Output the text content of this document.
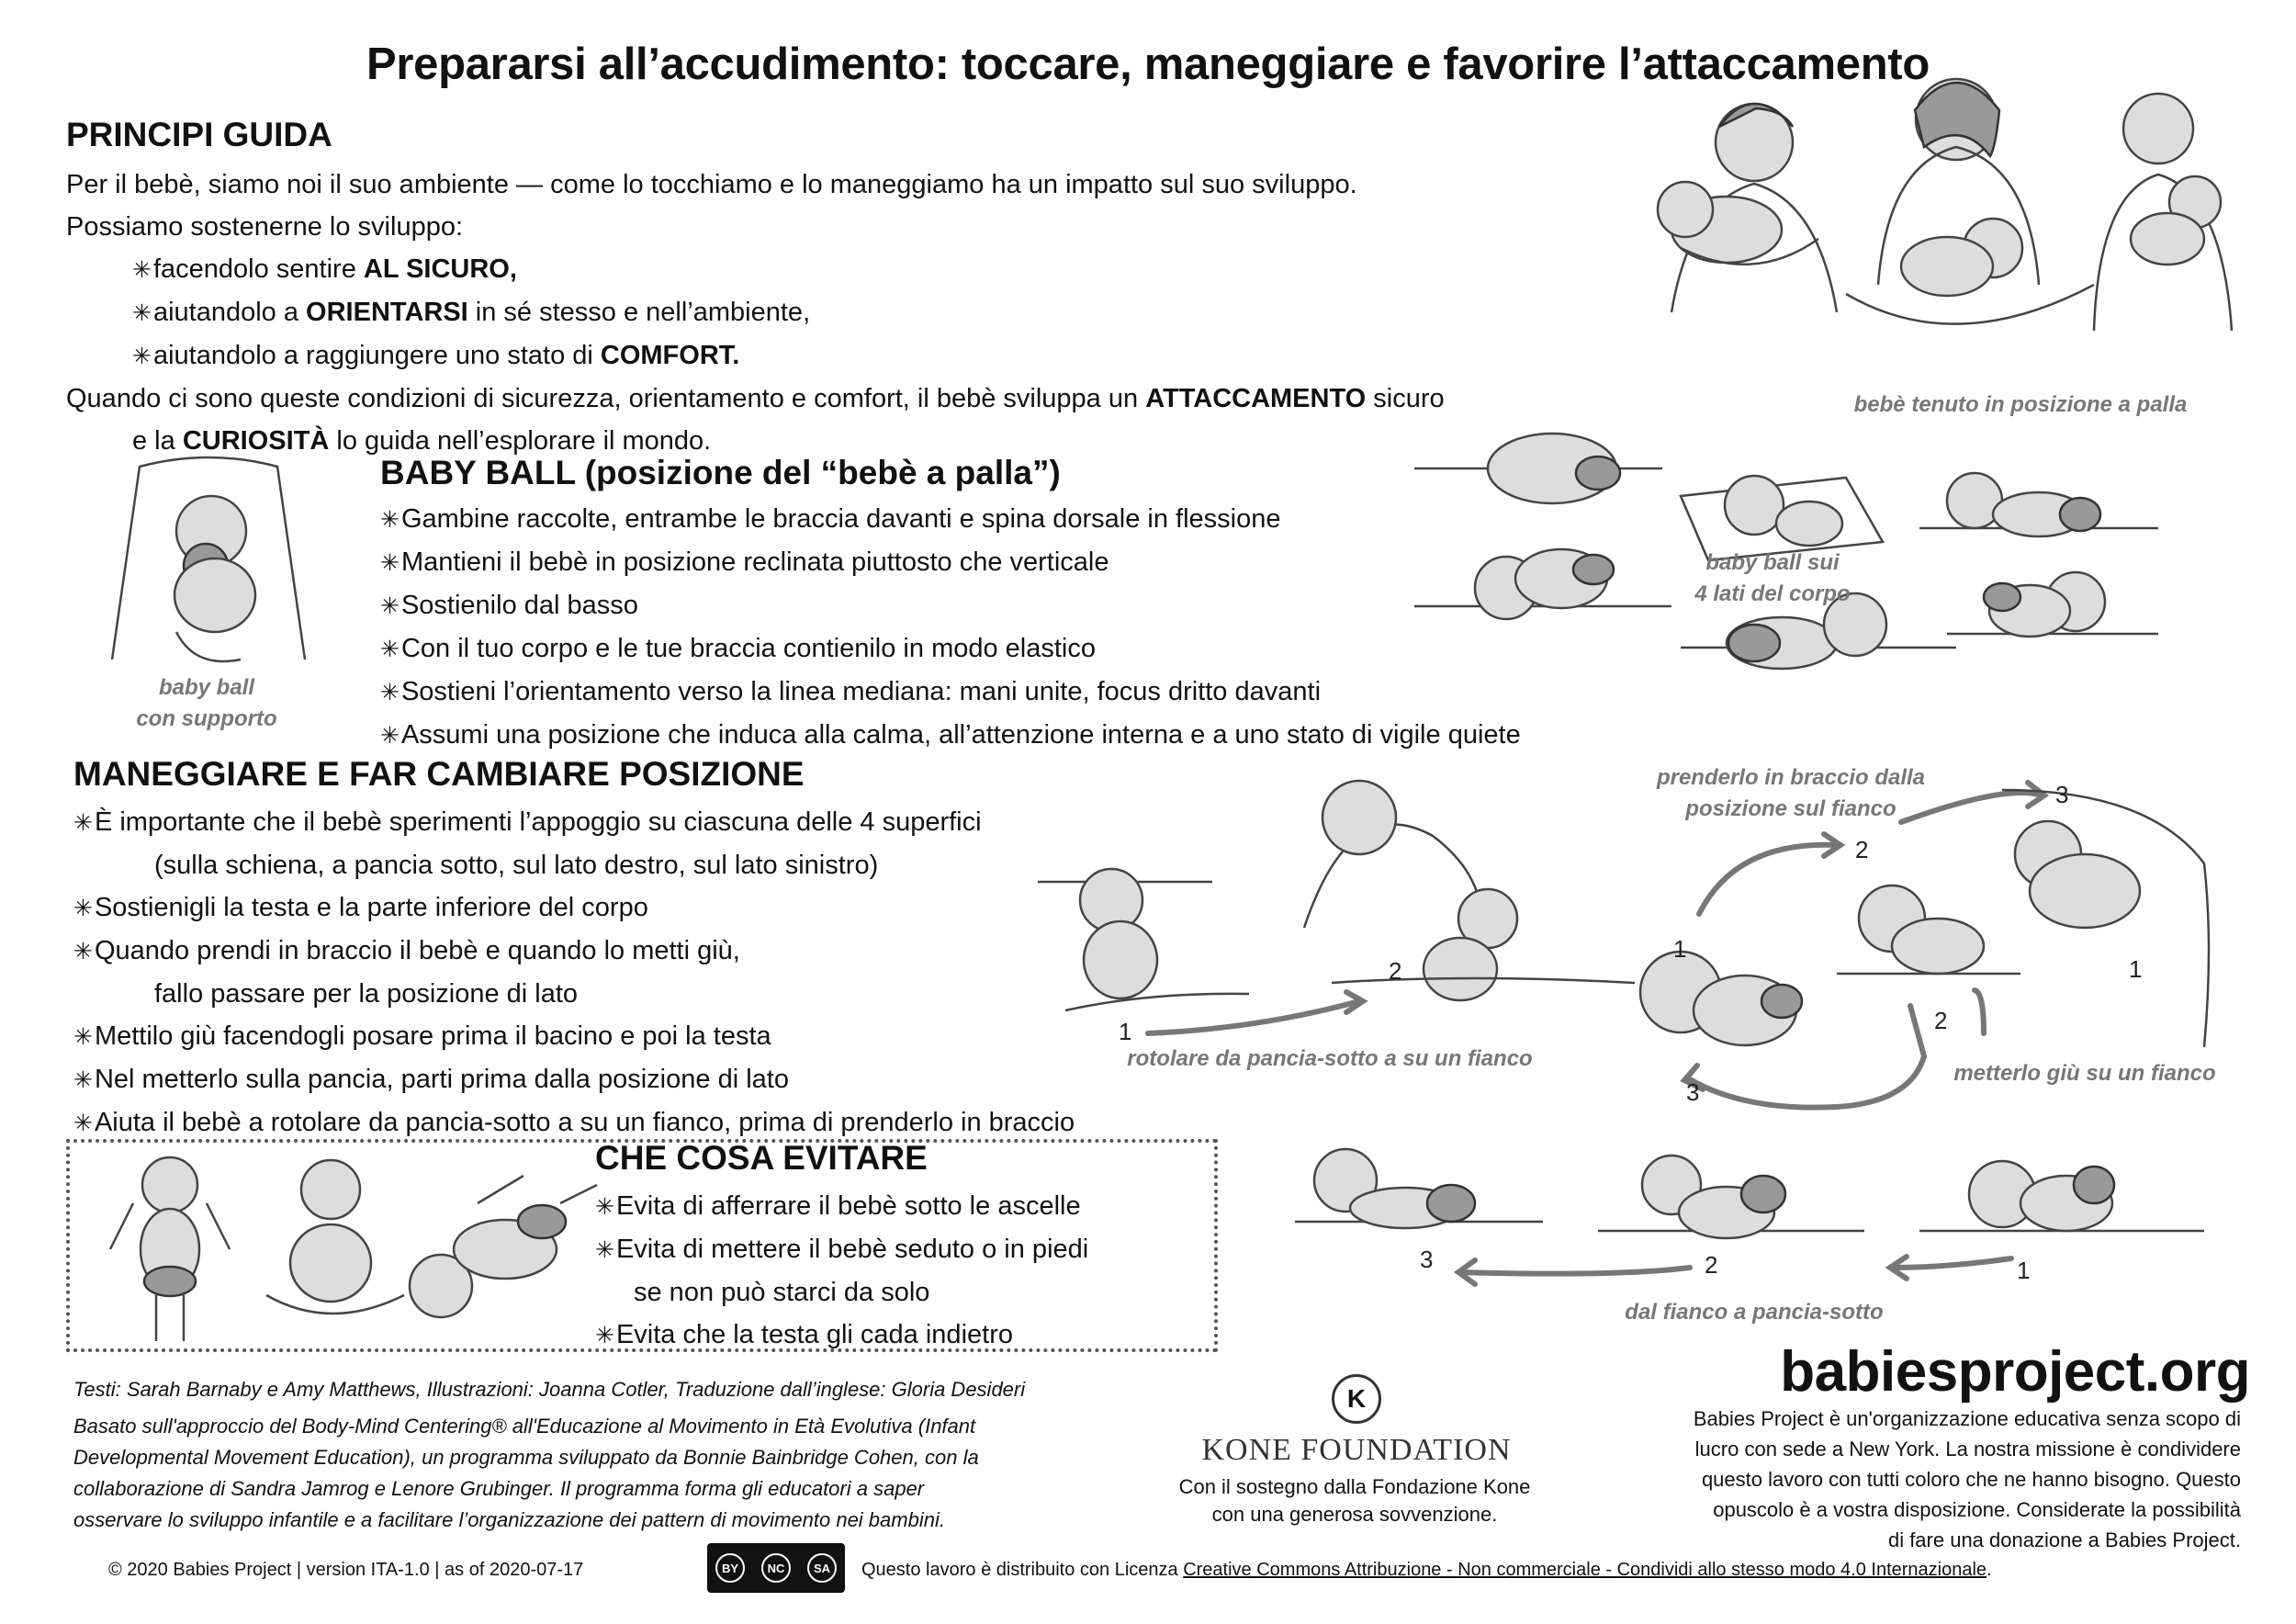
Prepararsi all’accudimento: toccare, maneggiare e favorire l’attaccamento
PRINCIPI GUIDA
Per il bebè, siamo noi il suo ambiente — come lo tocchiamo e lo maneggiamo ha un impatto sul suo sviluppo.
Possiamo sostenerne lo sviluppo:
✳ facendolo sentire AL SICURO,
✳ aiutandolo a ORIENTARSI in sé stesso e nell’ambiente,
✳ aiutandolo a raggiungere uno stato di COMFORT.
Quando ci sono queste condizioni di sicurezza, orientamento e comfort, il bebè sviluppa un ATTACCAMENTO sicuro
e la CURIOSITÀ lo guida nell’esplorare il mondo.
bebè tenuto in posizione a palla
baby ball
con supporto
BABY BALL (posizione del “bebè a palla”)
✳ Gambine raccolte, entrambe le braccia davanti e spina dorsale in flessione
✳ Mantieni il bebè in posizione reclinata piuttosto che verticale
✳ Sostienilo dal basso
✳ Con il tuo corpo e le tue braccia contienilo in modo elastico
✳ Sostieni l’orientamento verso la linea mediana: mani unite, focus dritto davanti
✳ Assumi una posizione che induca alla calma, all’attenzione interna e a uno stato di vigile quiete
baby ball sui
4 lati del corpo
MANEGGIARE E FAR CAMBIARE POSIZIONE
✳ È importante che il bebè sperimenti l’appoggio su ciascuna delle 4 superfici
(sulla schiena, a pancia sotto, sul lato destro, sul lato sinistro)
✳ Sostienigli la testa e la parte inferiore del corpo
✳ Quando prendi in braccio il bebè e quando lo metti giù,
fallo passare per la posizione di lato
✳ Mettilo giù facendogli posare prima il bacino e poi la testa
✳ Nel metterlo sulla pancia, parti prima dalla posizione di lato
✳ Aiuta il bebè a rotolare da pancia-sotto a su un fianco, prima di prenderlo in braccio
1
2
rotolare da pancia-sotto a su un fianco
prenderlo in braccio dalla
posizione sul fianco
1
2
3
1
2
3
metterlo giù su un fianco
1
2
3
dal fianco a pancia-sotto
CHE COSA EVITARE
✳ Evita di afferrare il bebè sotto le ascelle
✳ Evita di mettere il bebè seduto o in piedi
se non può starci da solo
✳ Evita che la testa gli cada indietro
Testi: Sarah Barnaby e Amy Matthews, Illustrazioni: Joanna Cotler, Traduzione dall’inglese: Gloria Desideri
Basato sull'approccio del Body-Mind Centering® all'Educazione al Movimento in Età Evolutiva (Infant
Developmental Movement Education), un programma sviluppato da Bonnie Bainbridge Cohen, con la
collaborazione di Sandra Jamrog e Lenore Grubinger. Il programma forma gli educatori a saper
osservare lo sviluppo infantile e a facilitare l’organizzazione dei pattern di movimento nei bambini.
K
KONE FOUNDATION
Con il sostegno dalla Fondazione Kone
con una generosa sovvenzione.
babiesproject.org
Babies Project è un'organizzazione educativa senza scopo di
lucro con sede a New York. La nostra missione è condividere
questo lavoro con tutti coloro che ne hanno bisogno. Questo
opuscolo è a vostra disposizione. Considerate la possibilità
di fare una donazione a Babies Project.
© 2020 Babies Project | version ITA-1.0 | as of 2020-07-17	BY	NC	SA	Questo lavoro è distribuito con Licenza Creative Commons Attribuzione - Non commerciale - Condividi allo stesso modo 4.0 Internazionale.
